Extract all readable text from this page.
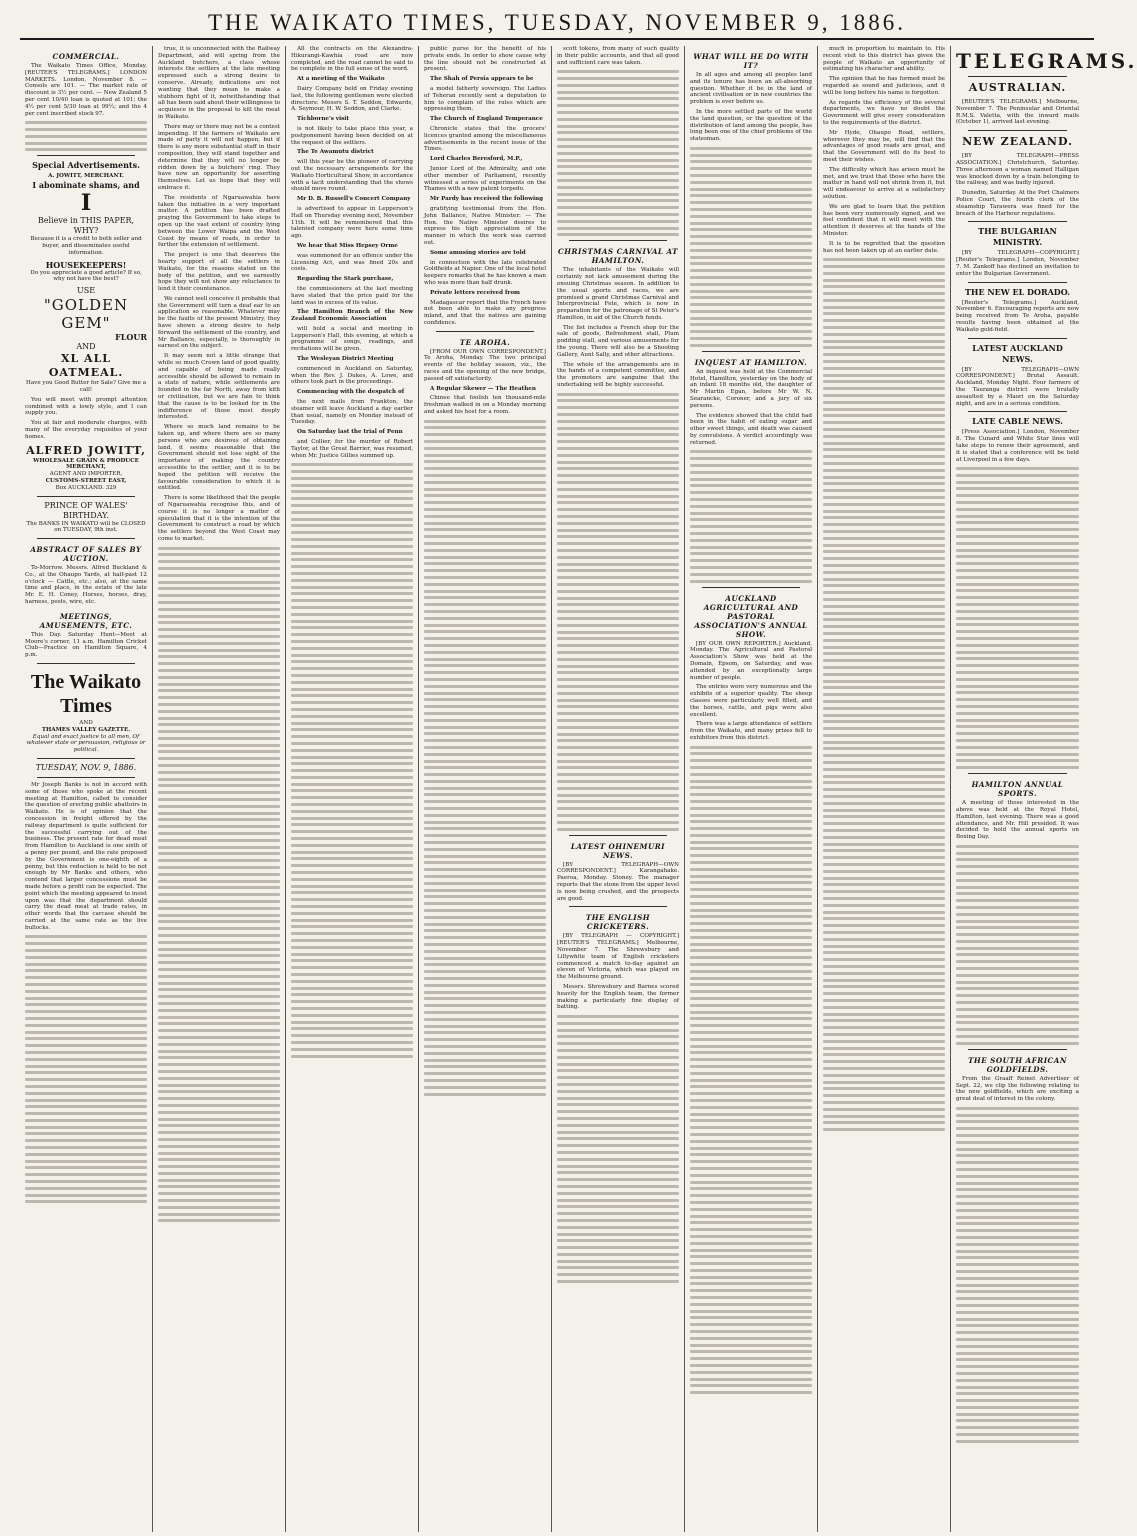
THE WAIKATO TIMES, TUESDAY, NOVEMBER 9, 1886.
COMMERCIAL.

The Waikato Times Office, Monday. [REUTER'S TELEGRAMS.] LONDON MARKETS. London, November 8. — Consols are 101. — The market rate of discount is 3½ per cent. — New Zealand 5 per cent 10/40 loan is quoted at 101; the 4½ per cent 5/30 loan at 99½; and the 4 per cent inscribed stock 97.

Special Advertisements.
A. JOWITT, MERCHANT.
I abominate shams, and
I
Believe in THIS PAPER, WHY?

Because it is a credit to both seller and buyer, and disseminates useful information.

HOUSEKEEPERS!

Do you appreciate a good article? If so, why not have the best?

USE
"GOLDEN GEM"
FLOUR
AND
XL ALL OATMEAL.

Have you Good Butter for Sale? Give me a call!

You will meet with prompt attention combined with a lowly style, and I can supply you.

You at fair and moderate charges, with many of the everyday requisites of your homes.

ALFRED JOWITT,
WHOLESALE GRAIN & PRODUCE MERCHANT,
AGENT AND IMPORTER,
CUSTOMS-STREET EAST,
Box AUCKLAND. 329
PRINCE OF WALES' BIRTHDAY.

The BANKS IN WAIKATO will be CLOSED on TUESDAY, 9th inst.

ABSTRACT OF SALES BY AUCTION.

To-Morrow. Messrs. Alfred Buckland & Co., at the Ohaupo Yards, at half-past 12 o'clock — Cattle, etc.; also, at the same time and place, in the estate of the late Mr. E. H. Coney, Horses, horses, dray, harness, posts, wire, etc.

MEETINGS, AMUSEMENTS, ETC.

This Day. Saturday Hunt—Meet at Moore's corner, 11 a.m. Hamilton Cricket Club—Practice on Hamilton Square, 4 p.m.

The Waikato Times
AND
THAMES VALLEY GAZETTE.

Equal and exact justice to all men, Of whatever state or persuasion, religious or political.

TUESDAY, NOV. 9, 1886.

Mr Joseph Banks is not in accord with some of those who spoke at the recent meeting at Hamilton, called to consider the question of erecting public abattoirs in Waikato. He is of opinion that the concession in freight offered by the railway department is quite sufficient for the successful carrying out of the business. The present rate for dead meat from Hamilton to Auckland is one sixth of a penny per pound, and the rate proposed by the Government is one-eighth of a penny, but this reduction is held to be not enough by Mr Banks and others, who contend that larger concessions must be made before a profit can be expected. The point which the meeting appeared to insist upon was that the department should carry the dead meat at trade rates, in other words that the carcase should be carried at the same rate as the live bullocks.

true, it is unconnected with the Railway Department, and will spring from the Auckland butchers, a class whose interests the settlers at the late meeting expressed such a strong desire to conserve. Already, indications are not wanting that they mean to make a stubborn fight of it, notwithstanding that all has been said about their willingness to acquiesce in the proposal to kill the meat in Waikato.

There may or there may not be a contest impending. If the farmers of Waikato are made of party it will not happen, but if there is any more substantial stuff in their composition, they will stand together and determine that they will no longer be ridden down by a butchers' ring. They have now an opportunity for asserting themselves. Let us hope that they will embrace it.

The residents of Ngaruawahia have taken the initiative in a very important matter. A petition has been drafted praying the Government to take steps to open up the vast extent of country lying between the Lower Waipa and the West Coast by means of roads, in order to further the extension of settlement.

The project is one that deserves the hearty support of all the settlers in Waikato, for the reasons stated on the body of the petition, and we earnestly hope they will not show any reluctance to lend it their countenance.

We cannot well conceive it probable that the Government will turn a deaf ear to an application so reasonable. Whatever may be the faults of the present Ministry, they have shown a strong desire to help forward the settlement of the country, and Mr Ballance, especially, is thoroughly in earnest on the subject.

It may seem not a little strange that while so much Crown land of good quality, and capable of being made really accessible should be allowed to remain in a state of nature, while settlements are founded in the far North, away from kith or civilization, but we are fain to think that the cause is to be looked for in the indifference of those most deeply interested.

Where so much land remains to be taken up, and where there are so many persons who are desirous of obtaining land, it seems reasonable that the Government should not lose sight of the importance of making the country accessible to the settler, and it is to be hoped the petition will receive the favourable consideration to which it is entitled.

There is some likelihood that the people of Ngaruawahia recognise this, and of course it is no longer a matter of speculation that it is the intention of the Government to construct a road by which the settlers beyond the West Coast may come to market.

All the contracts on the Alexandra-Hikurangi-Kawhia road are now completed, and the road cannot be said to be complete in the full sense of the word.

At a meeting of the Waikato

Dairy Company held on Friday evening last, the following gentlemen were elected directors: Messrs S. T. Seddon, Edwards, A. Seymour, H. W. Seddon, and Clarke.

Tichborne's visit

is not likely to take place this year, a postponement having been decided on at the request of the settlers.

The Te Awamutu district

will this year be the pioneer of carrying out the necessary arrangements for the Waikato Horticultural Show, in accordance with a tacit understanding that the shows should move round.

Mr D. B. Russell's Concert Company

is advertised to appear in Lepperson's Hall on Thursday evening next, November 11th. It will be remembered that this talented company were here some time ago.

We hear that Miss Hepsey Orme

was summoned for an offence under the Licensing Act, and was fined 20s and costs.

Regarding the Stark purchase,

the commissioners at the last meeting have stated that the price paid for the land was in excess of its value.

The Hamilton Branch of the New Zealand Economic Association

will hold a social and meeting in Lepperson's Hall, this evening, at which a programme of songs, readings, and recitations will be given.

The Wesleyan District Meeting

commenced in Auckland on Saturday, when the Rev. J. Dukes, A. Lowe, and others took part in the proceedings.

Commencing with the despatch of

the next mails from Frankton, the steamer will leave Auckland a day earlier than usual, namely on Monday instead of Tuesday.

On Saturday last the trial of Penn

and Collier, for the murder of Robert Taylor, at the Great Barrier, was resumed, when Mr. Justice Gillies summed up.

public purse for the benefit of his private ends. In order to show cause why the line should not be constructed at present.

The Shah of Persia appears to be

a model fatherly sovereign. The Ladies of Teheran recently sent a deputation to him to complain of the rules which are oppressing them.

The Church of England Temperance

Chronicle states that the grocers' licences granted among the miscellaneous advertisements in the recent issue of the Times.

Lord Charles Beresford, M.P.,

Junior Lord of the Admiralty, and one other member of Parliament, recently witnessed a series of experiments on the Thames with a new patent torpedo.

Mr Pardy has received the following

gratifying testimonial from the Hon. John Ballance, Native Minister: — The Hon. the Native Minister desires to express his high appreciation of the manner in which the work was carried out.

Some amusing stories are told

in connection with the late celebrated Goldfields at Napier. One of the local hotel keepers remarks that he has known a man who was more than half drunk.

Private letters received from

Madagascar report that the French have not been able to make any progress inland, and that the natives are gaining confidence.

TE AROHA.

[FROM OUR OWN CORRESPONDENT.] Te Aroha, Monday. The two principal events of the holiday season, viz., the races and the opening of the new bridge, passed off satisfactorily.

A Regular Skewer — The Heathen

Chinee that foolish ten thousand-mile freshman walked in on a Monday morning and asked his host for a room.

scott tokens, from many of such quality in their public accounts, and that all good and sufficient care was taken.

CHRISTMAS CARNIVAL AT HAMILTON.

The inhabitants of the Waikato will certainly not lack amusement during the ensuing Christmas season. In addition to the usual sports and races, we are promised a grand Christmas Carnival and Interprovincial Fete, which is now in preparation for the patronage of St Peter's Hamilton, in aid of the Church funds.

The list includes a French shop for the sale of goods, Refreshment stall, Plum pudding stall, and various amusements for the young. There will also be a Shooting Gallery, Aunt Sally, and other attractions.

The whole of the arrangements are in the hands of a competent committee, and the promoters are sanguine that the undertaking will be highly successful.

LATEST OHINEMURI NEWS.

[BY TELEGRAPH—OWN CORRESPONDENT.] Karangahake. Paeroa, Monday. Stoney. The manager reports that the stone from the upper level is now being crushed, and the prospects are good.

THE ENGLISH CRICKETERS.

[BY TELEGRAPH — COPYRIGHT.] [REUTER'S TELEGRAMS.] Melbourne, November 7. The Shrewsbury and Lillywhite team of English cricketers commenced a match to-day against an eleven of Victoria, which was played on the Melbourne ground.

Messrs. Shrewsbury and Barnes scored heavily for the English team, the former making a particularly fine display of batting.

WHAT WILL HE DO WITH IT?

In all ages and among all peoples land and its tenure has been an all-absorbing question. Whether it be in the land of ancient civilisation or in new countries the problem is ever before us.

In the more settled parts of the world the land question, or the question of the distribution of land among the people, has long been one of the chief problems of the statesman.

INQUEST AT HAMILTON.

An inquest was held at the Commercial Hotel, Hamilton, yesterday on the body of an infant 18 months old, the daughter of Mr Martin Egan, before Mr W. N. Searancke, Coroner, and a jury of six persons.

The evidence showed that the child had been in the habit of eating sugar and other sweet things, and death was caused by convulsions. A verdict accordingly was returned.

AUCKLAND AGRICULTURAL AND PASTORAL ASSOCIATION'S ANNUAL SHOW.

[BY OUR OWN REPORTER.] Auckland, Monday. The Agricultural and Pastoral Association's Show was held at the Domain, Epsom, on Saturday, and was attended by an exceptionally large number of people.

The entries were very numerous and the exhibits of a superior quality. The sheep classes were particularly well filled, and the horses, cattle, and pigs were also excellent.

There was a large attendance of settlers from the Waikato, and many prizes fell to exhibitors from this district.

much in proportion to maintain to. His recent visit to this district has given the people of Waikato an opportunity of estimating his character and ability.

The opinion that he has formed must be regarded as sound and judicious, and it will be long before his name is forgotten.

As regards the efficiency of the several departments, we have no doubt the Government will give every consideration to the requirements of the district.

Mr Hyde, Ohaupo Road, settlers, wherever they may be, will find that the advantages of good roads are great, and that the Government will do its best to meet their wishes.

The difficulty which has arisen must be met, and we trust that those who have the matter in hand will not shrink from it, but will endeavour to arrive at a satisfactory solution.

We are glad to learn that the petition has been very numerously signed, and we feel confident that it will meet with the attention it deserves at the hands of the Minister.

It is to be regretted that the question has not been taken up at an earlier date.

TELEGRAMS.
AUSTRALIAN.

[REUTER'S TELEGRAMS.] Melbourne, November 7. The Peninsular and Oriental R.M.S. Valetta, with the inward mails (October 1), arrived last evening.

NEW ZEALAND.

[BY TELEGRAPH—PRESS ASSOCIATION.] Christchurch, Saturday. Three afternoon a woman named Halligan was knocked down by a train belonging to the railway, and was badly injured.

Dunedin, Saturday. At the Port Chalmers Police Court, the fourth clerk of the steamship Tarawera was fined for the breach of the Harbour regulations.

THE BULGARIAN MINISTRY.

[BY TELEGRAPH—COPYRIGHT.] [Reuter's Telegrams.] London, November 7. M. Zankoff has declined an invitation to enter the Bulgarian Government.

THE NEW EL DORADO.

[Reuter's Telegrams.] Auckland, November 6. Encouraging reports are now being received from Te Aroha, payable results having been obtained at the Waikato gold-field.

LATEST AUCKLAND NEWS.

[BY TELEGRAPH—OWN CORRESPONDENT.] Brutal Assault. Auckland, Monday Night. Four farmers of the Tauranga district were brutally assaulted by a Maori on the Saturday night, and are in a serious condition.

LATE CABLE NEWS.

[Press Association.] London, November 8. The Cunard and White Star lines will take steps to renew their agreement, and it is stated that a conference will be held at Liverpool in a few days.

HAMILTON ANNUAL SPORTS.

A meeting of those interested in the above was held at the Royal Hotel, Hamilton, last evening. There was a good attendance, and Mr. Hill presided. It was decided to hold the annual sports on Boxing Day.

THE SOUTH AFRICAN GOLDFIELDS.

From the Graaff Reinet Advertiser of Sept. 22, we clip the following relating to the new goldfields, which are exciting a great deal of interest in the colony.
